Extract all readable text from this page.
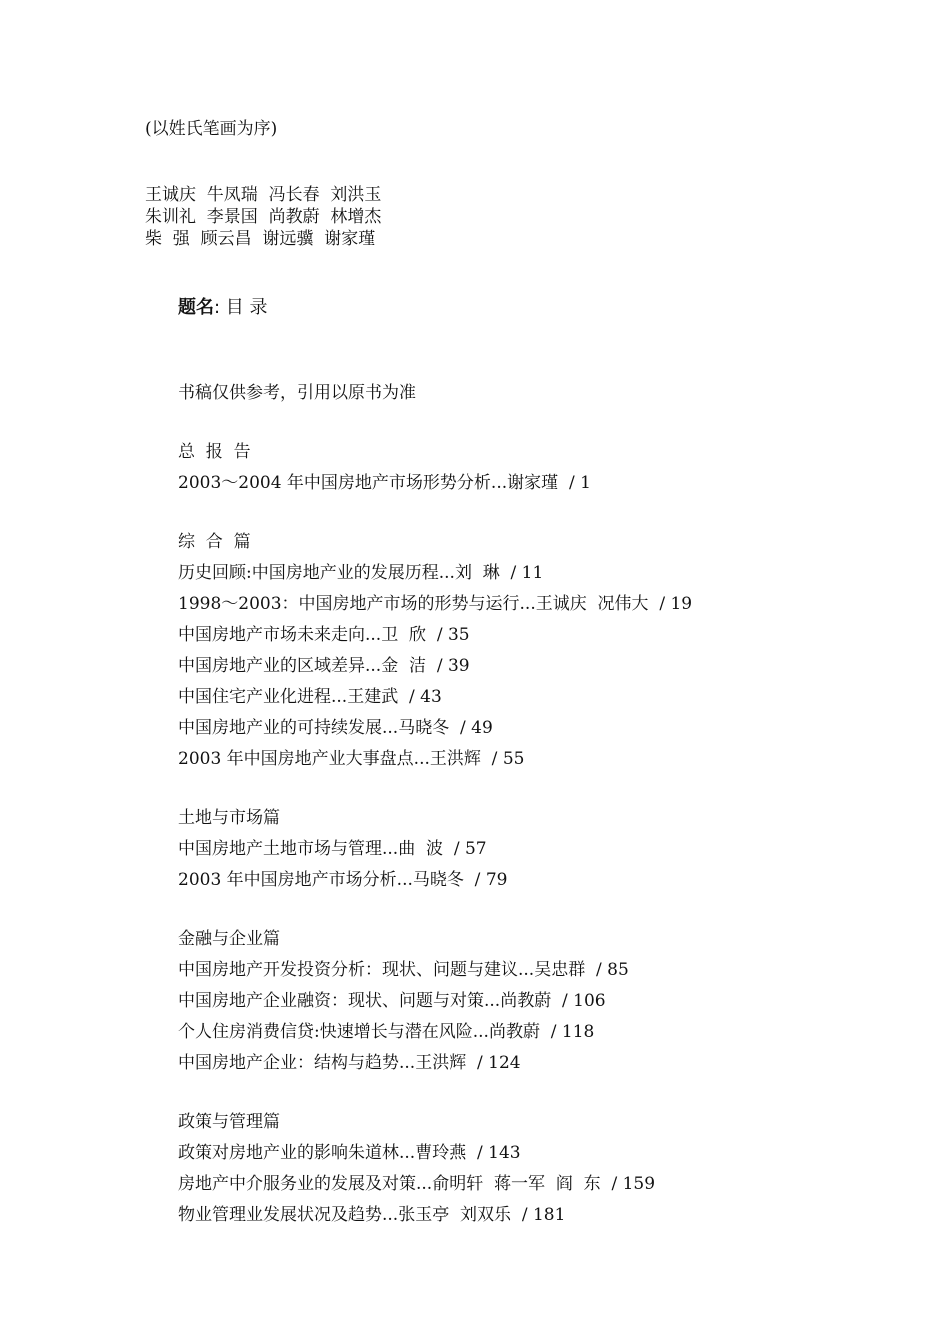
(以姓氏笔画为序)
王诚庆  牛凤瑞  冯长春  刘洪玉
朱训礼  李景国  尚教蔚  林增杰
柴  强  顾云昌  谢远骥  谢家瑾
题名: 目 录
书稿仅供参考，引用以原书为准
总  报  告
2003～2004 年中国房地产市场形势分析...谢家瑾  / 1
综  合  篇
历史回顾:中国房地产业的发展历程...刘  琳  / 11
1998～2003：中国房地产市场的形势与运行...王诚庆  况伟大  / 19
中国房地产市场未来走向...卫  欣  / 35
中国房地产业的区域差异...金  洁  / 39
中国住宅产业化进程...王建武  / 43
中国房地产业的可持续发展...马晓冬  / 49
2003 年中国房地产业大事盘点...王洪辉  / 55
土地与市场篇
中国房地产土地市场与管理...曲  波  / 57
2003 年中国房地产市场分析...马晓冬  / 79
金融与企业篇
中国房地产开发投资分析：现状、问题与建议...吴忠群  / 85
中国房地产企业融资：现状、问题与对策...尚教蔚  / 106
个人住房消费信贷:快速增长与潜在风险...尚教蔚  / 118
中国房地产企业：结构与趋势...王洪辉  / 124
政策与管理篇
政策对房地产业的影响朱道林...曹玲燕  / 143
房地产中介服务业的发展及对策...俞明轩  蒋一军  阎  东  / 159
物业管理业发展状况及趋势...张玉亭  刘双乐  / 181
